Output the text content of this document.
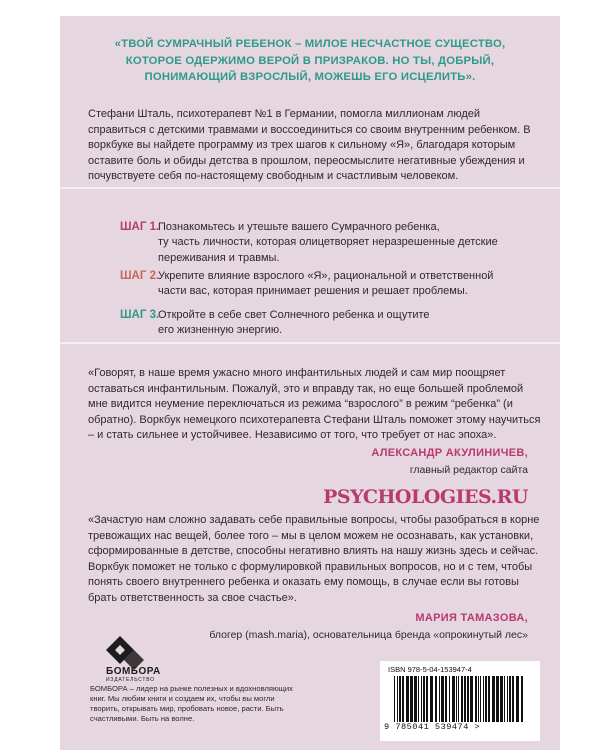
«ТВОЙ СУМРАЧНЫЙ РЕБЕНОК – МИЛОЕ НЕСЧАСТНОЕ СУЩЕСТВО,
КОТОРОЕ ОДЕРЖИМО ВЕРОЙ В ПРИЗРАКОВ. НО ТЫ, ДОБРЫЙ,
ПОНИМАЮЩИЙ ВЗРОСЛЫЙ, МОЖЕШЬ ЕГО ИСЦЕЛИТЬ».

Стефани Шталь, психотерапевт №1 в Германии, помогла миллионам людей справиться с детскими травмами и воссоединиться со своим внутренним ребенком. В воркбуке вы найдете программу из трех шагов к сильному «Я», благодаря которым оставите боль и обиды детства в прошлом, переосмыслите негативные убеждения и почувствуете себя по-настоящему свободным и счастливым человеком.

ШАГ 1.
Познакомьтесь и утешьте вашего Сумрачного ребенка,
ту часть личности, которая олицетворяет неразрешенные детские
переживания и травмы.
ШАГ 2.
Укрепите влияние взрослого «Я», рациональной и ответственной
части вас, которая принимает решения и решает проблемы.
ШАГ 3.
Откройте в себе свет Солнечного ребенка и ощутите
его жизненную энергию.

«Говорят, в наше время ужасно много инфантильных людей и сам мир поощряет оставаться инфантильным. Пожалуй, это и вправду так, но еще большей проблемой мне видится неумение переключаться из режима “взрослого” в режим “ребенка” (и обратно). Воркбук немецкого психотерапевта Стефани Шталь поможет этому научиться – и стать сильнее и устойчивее. Независимо от того, что требует от нас эпоха».

АЛЕКСАНДР АКУЛИНИЧЕВ,
главный редактор сайта
PSYCHOLOGIES.RU

«Зачастую нам сложно задавать себе правильные вопросы, чтобы разобраться в корне тревожащих нас вещей, более того – мы в целом можем не осознавать, как установки, сформированные в детстве, способны негативно влиять на нашу жизнь здесь и сейчас. Воркбук поможет не только с формулировкой правильных вопросов, но и с тем, чтобы понять своего внутреннего ребенка и оказать ему помощь, в случае если вы готовы брать ответственность за свое счастье».

МАРИЯ ТАМАЗОВА,
блогер (mash.maria), основательница бренда «опрокинутый лес»
БОМБОРА
ИЗДАТЕЛЬСТВО

БОМБОРА – лидер на рынке полезных и вдохновляющих книг. Мы любим книги и создаем их, чтобы вы могли творить, открывать мир, пробовать новое, расти. Быть счастливыми. Быть на волне.

ISBN 978-5-04-153947-4
9 785041 539474 >
